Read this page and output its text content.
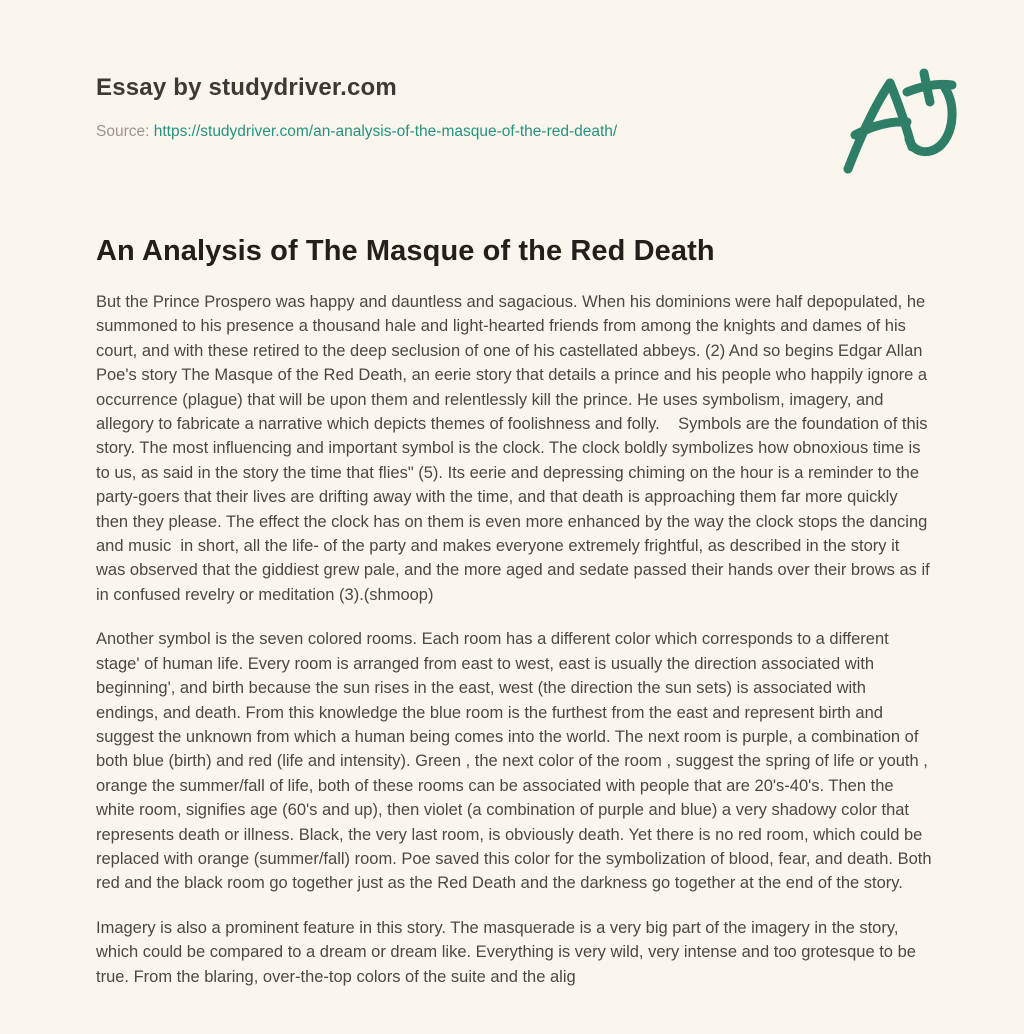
Essay by studydriver.com
Source: https://studydriver.com/an-analysis-of-the-masque-of-the-red-death/
An Analysis of The Masque of the Red Death

But the Prince Prospero was happy and dauntless and sagacious. When his dominions were half depopulated, he summoned to his presence a thousand hale and light-hearted friends from among the knights and dames of his court, and with these retired to the deep seclusion of one of his castellated abbeys. (2) And so begins Edgar Allan Poe's story The Masque of the Red Death, an eerie story that details a prince and his people who happily ignore a occurrence (plague) that will be upon them and relentlessly kill the prince. He uses symbolism, imagery, and allegory to fabricate a narrative which depicts themes of foolishness and folly.    Symbols are the foundation of this story. The most influencing and important symbol is the clock. The clock boldly symbolizes how obnoxious time is to us, as said in the story the time that flies" (5). Its eerie and depressing chiming on the hour is a reminder to the party-goers that their lives are drifting away with the time, and that death is approaching them far more quickly then they please. The effect the clock has on them is even more enhanced by the way the clock stops the dancing and music  in short, all the life- of the party and makes everyone extremely frightful, as described in the story it was observed that the giddiest grew pale, and the more aged and sedate passed their hands over their brows as if in confused revelry or meditation (3).(shmoop)

Another symbol is the seven colored rooms. Each room has a different color which corresponds to a different stage' of human life. Every room is arranged from east to west, east is usually the direction associated with beginning', and birth because the sun rises in the east, west (the direction the sun sets) is associated with endings, and death. From this knowledge the blue room is the furthest from the east and represent birth and suggest the unknown from which a human being comes into the world. The next room is purple, a combination of both blue (birth) and red (life and intensity). Green , the next color of the room , suggest the spring of life or youth , orange the summer/fall of life, both of these rooms can be associated with people that are 20's-40's. Then the white room, signifies age (60's and up), then violet (a combination of purple and blue) a very shadowy color that represents death or illness. Black, the very last room, is obviously death. Yet there is no red room, which could be replaced with orange (summer/fall) room. Poe saved this color for the symbolization of blood, fear, and death. Both red and the black room go together just as the Red Death and the darkness go together at the end of the story.

Imagery is also a prominent feature in this story. The masquerade is a very big part of the imagery in the story, which could be compared to a dream or dream like. Everything is very wild, very intense and too grotesque to be true. From the blaring, over-the-top colors of the suite and the alig
